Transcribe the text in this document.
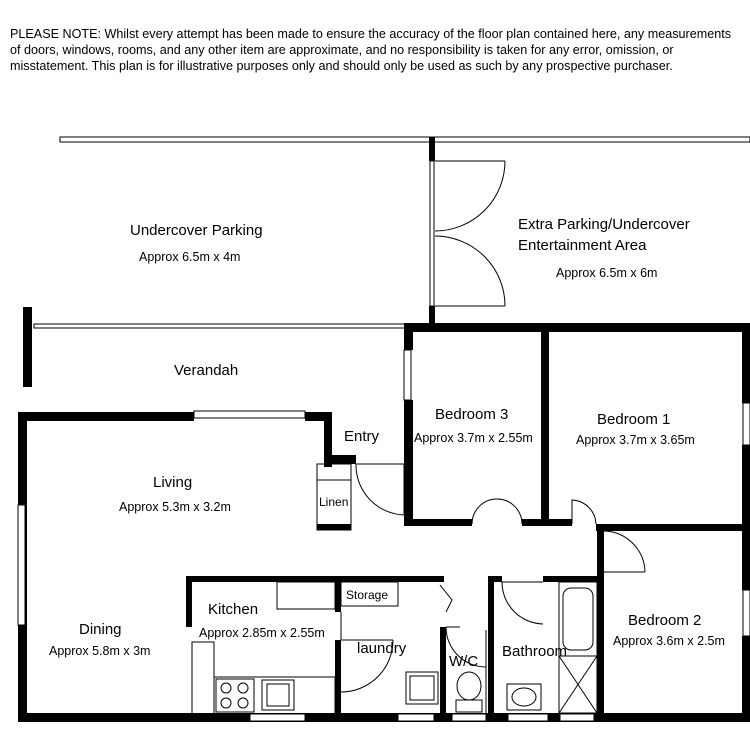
PLEASE NOTE: Whilst every attempt has been made to ensure the accuracy of the floor plan contained here, any measurements of doors, windows, rooms, and any other item are approximate, and no responsibility is taken for any error, omission, or misstatement. This plan is for illustrative purposes only and should only be used as such by any prospective purchaser.

Undercover Parking
Approx 6.5m x 4m
Extra Parking/Undercover
Entertainment Area
Approx 6.5m x 6m
Verandah
Entry
Bedroom 3
Approx 3.7m x 2.55m
Bedroom 1
Approx 3.7m x 3.65m
Living
Approx 5.3m x 3.2m	Linen
Kitchen
Approx 2.85m x 2.55m
Storage
Dining
Approx 5.8m x 3m	laundry
W/C
Bathroom
Bedroom 2
Approx 3.6m x 2.5m
